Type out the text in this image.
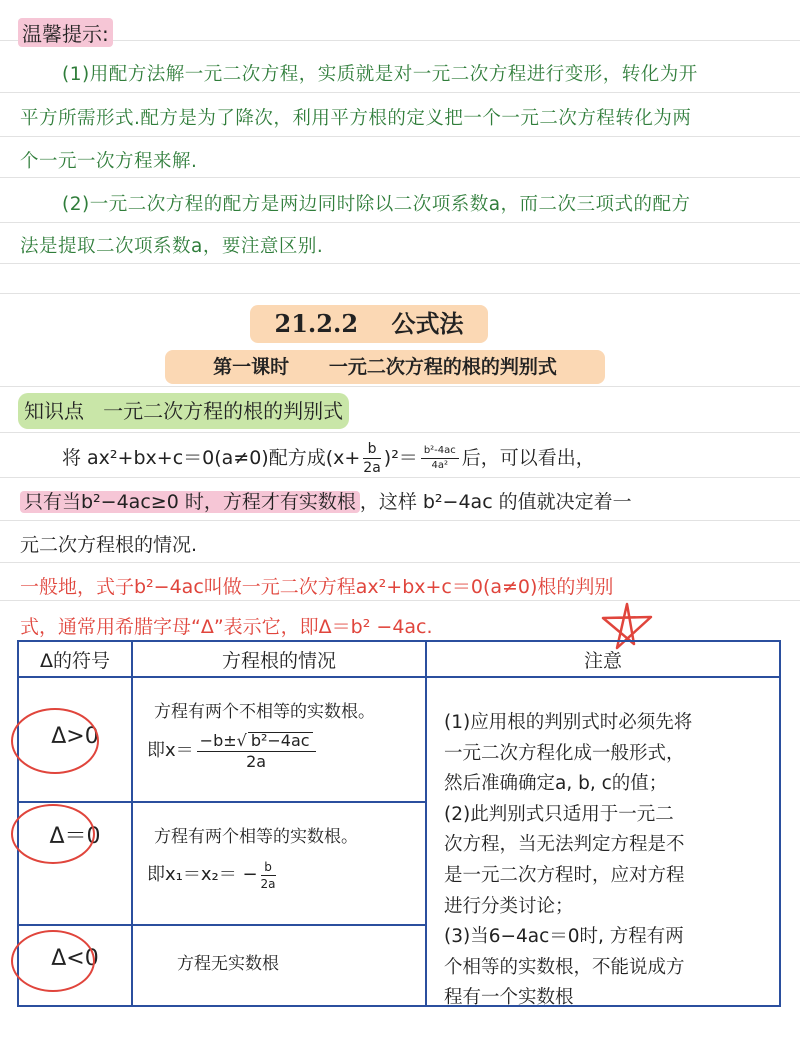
温馨提示:
(1)用配方法解一元二次方程，实质就是对一元二次方程进行变形，转化为开
平方所需形式.配方是为了降次，利用平方根的定义把一个一元二次方程转化为两
个一元一次方程来解.
(2)一元二次方程的配方是两边同时除以二次项系数a，而二次三项式的配方
法是提取二次项系数a，要注意区别.
21.2.2    公式法
第一课时      一元二次方程的根的判别式
知识点   一元二次方程的根的判别式
将 ax²+bx+c＝0(a≠0)配方成$(x+ \frac{b}{2a} )^2= \frac{\text{b²-4ac}}{\text{4a²}}$ 后，可以看出，
只有当b²−4ac≥0 时，方程才有实数根 ，这样 b²−4ac 的值就决定着一
元二次方程根的情况.
一般地，式子b²−4ac叫做一元二次方程ax²+bx+c＝0(a≠0)根的判别
式，通常用希腊字母“Δ”表示它，即Δ＝b² −4ac.
Δ的符号	方程根的情况	注意
Δ>0
方程有两个不相等的实数根。
即$x= \frac{\text{−b±√ b²−4ac}}{2a}$
Δ＝0	方程有两个相等的实数根。
即$x_1=x_2= - \frac{b}{2a}$
Δ<0	方程无实数根
(1)应用根的判别式时必须先将
一元二次方程化成一般形式，
然后准确确定a, b, c的值；
(2)此判别式只适用于一元二
次方程，当无法判定方程是不
是一元二次方程时，应对方程
进行分类讨论；
(3)当6−4ac＝0时, 方程有两
个相等的实数根，不能说成方
程有一个实数根
